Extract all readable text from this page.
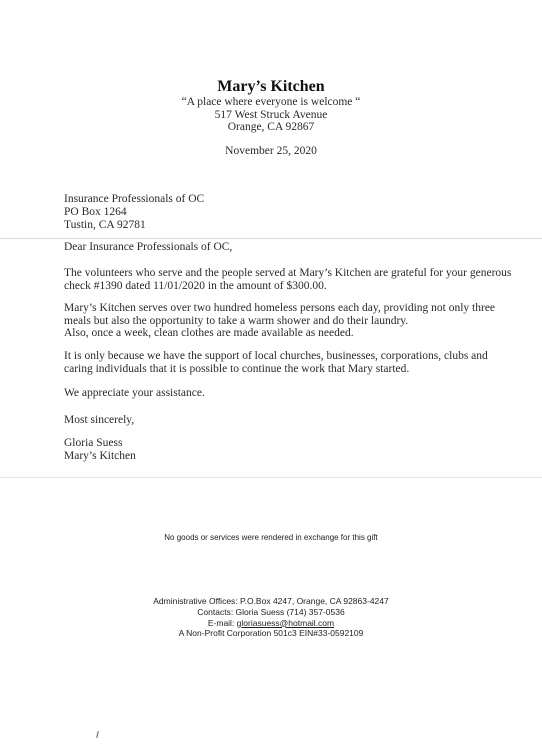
Mary’s Kitchen
“A place where everyone is welcome “
517 West Struck Avenue
Orange, CA 92867
November 25, 2020
Insurance Professionals of OC
PO Box 1264
Tustin, CA 92781
Dear Insurance Professionals of OC,
The volunteers who serve and the people served at Mary’s Kitchen are grateful for your generous
check #1390 dated 11/01/2020 in the amount of $300.00.
Mary’s Kitchen serves over two hundred homeless persons each day, providing not only three
meals but also the opportunity to take a warm shower and do their laundry.
Also, once a week, clean clothes are made available as needed.
It is only because we have the support of local churches, businesses, corporations, clubs and
caring individuals that it is possible to continue the work that Mary started.
We appreciate your assistance.
Most sincerely,
Gloria Suess
Mary’s Kitchen
No goods or services were rendered in exchange for this gift
Administrative Offices: P.O.Box 4247, Orange, CA 92863-4247
Contacts: Gloria Suess (714) 357-0536
E-mail: gloriasuess@hotmail.com
A Non-Profit Corporation 501c3 EIN#33-0592109
